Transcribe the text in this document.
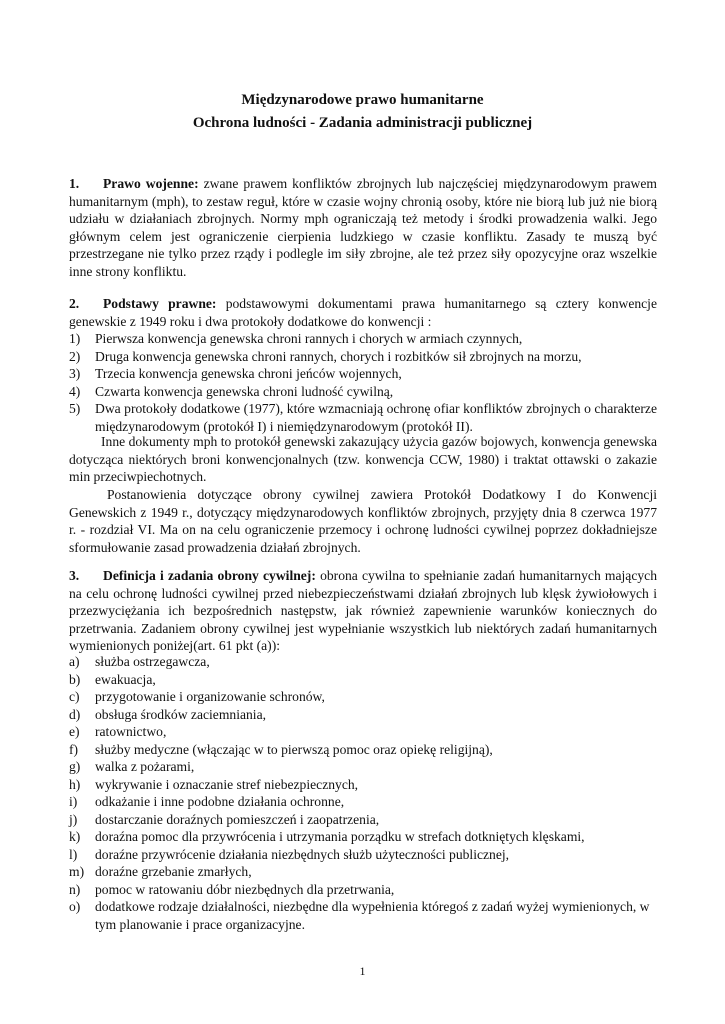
Międzynarodowe prawo humanitarne
Ochrona ludności - Zadania administracji publicznej

1. Prawo wojenne: zwane prawem konfliktów zbrojnych lub najczęściej międzynarodowym prawem humanitarnym (mph), to zestaw reguł, które w czasie wojny chronią osoby, które nie biorą lub już nie biorą udziału w działaniach zbrojnych. Normy mph ograniczają też metody i środki prowadzenia walki. Jego głównym celem jest ograniczenie cierpienia ludzkiego w czasie konfliktu. Zasady te muszą być przestrzegane nie tylko przez rządy i podlegle im siły zbrojne, ale też przez siły opozycyjne oraz wszelkie inne strony konfliktu.

2. Podstawy prawne: podstawowymi dokumentami prawa humanitarnego są cztery konwencje genewskie z 1949 roku i dwa protokoły dodatkowe do konwencji :

1)	Pierwsza konwencja genewska chroni rannych i chorych w armiach czynnych,
2)	Druga konwencja genewska chroni rannych, chorych i rozbitków sił zbrojnych na morzu,
3)	Trzecia konwencja genewska chroni jeńców wojennych,
4)	Czwarta konwencja genewska chroni ludność cywilną,
5)	Dwa protokoły dodatkowe (1977), które wzmacniają ochronę ofiar konfliktów zbrojnych o charakterze międzynarodowym (protokół I) i niemiędzynarodowym (protokół II).

Inne dokumenty mph to protokół genewski zakazujący użycia gazów bojowych, konwencja genewska dotycząca niektórych broni konwencjonalnych (tzw. konwencja CCW, 1980) i traktat ottawski o zakazie min przeciwpiechotnych.

Postanowienia dotyczące obrony cywilnej zawiera Protokół Dodatkowy I do Konwencji Genewskich z 1949 r., dotyczący międzynarodowych konfliktów zbrojnych, przyjęty dnia 8 czerwca 1977 r. - rozdział VI. Ma on na celu ograniczenie przemocy i ochronę ludności cywilnej poprzez dokładniejsze sformułowanie zasad prowadzenia działań zbrojnych.

3. Definicja i zadania obrony cywilnej: obrona cywilna to spełnianie zadań humanitarnych mających na celu ochronę ludności cywilnej przed niebezpieczeństwami działań zbrojnych lub klęsk żywiołowych i przezwyciężania ich bezpośrednich następstw, jak również zapewnienie warunków koniecznych do przetrwania. Zadaniem obrony cywilnej jest wypełnianie wszystkich lub niektórych zadań humanitarnych wymienionych poniżej(art. 61 pkt (a)):

a)	służba ostrzegawcza,
b)	ewakuacja,
c)	przygotowanie i organizowanie schronów,
d)	obsługa środków zaciemniania,
e)	ratownictwo,
f)	służby medyczne (włączając w to pierwszą pomoc oraz opiekę religijną),
g)	walka z pożarami,
h)	wykrywanie i oznaczanie stref niebezpiecznych,
i)	odkażanie i inne podobne działania ochronne,
j)	dostarczanie doraźnych pomieszczeń i zaopatrzenia,
k)	doraźna pomoc dla przywrócenia i utrzymania porządku w strefach dotkniętych klęskami,
l)	doraźne przywrócenie działania niezbędnych służb użyteczności publicznej,
m) doraźne grzebanie zmarłych,
n)	pomoc w ratowaniu dóbr niezbędnych dla przetrwania,
o)	dodatkowe rodzaje działalności, niezbędne dla wypełnienia któregoś z zadań wyżej wymienionych, w tym planowanie i prace organizacyjne.
1
